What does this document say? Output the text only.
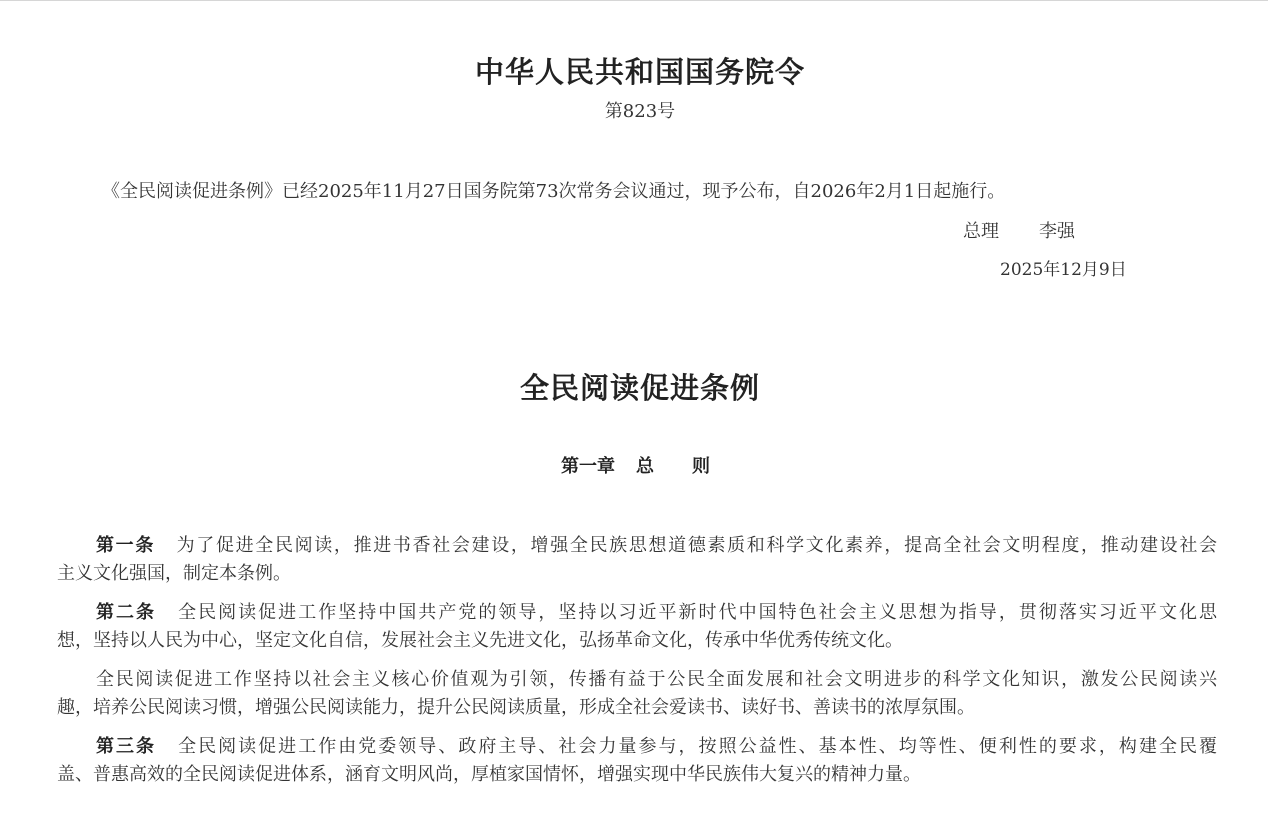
中华人民共和国国务院令
第823号
《全民阅读促进条例》已经2025年11月27日国务院第73次常务会议通过，现予公布，自2026年2月1日起施行。
总理 李强
2025年12月9日
全民阅读促进条例
第一章 总 则
第一条 为了促进全民阅读，推进书香社会建设，增强全民族思想道德素质和科学文化素养，提高全社会文明程度，推动建设社会
主义文化强国，制定本条例。
第二条 全民阅读促进工作坚持中国共产党的领导，坚持以习近平新时代中国特色社会主义思想为指导，贯彻落实习近平文化思
想，坚持以人民为中心，坚定文化自信，发展社会主义先进文化，弘扬革命文化，传承中华优秀传统文化。
全民阅读促进工作坚持以社会主义核心价值观为引领，传播有益于公民全面发展和社会文明进步的科学文化知识，激发公民阅读兴
趣，培养公民阅读习惯，增强公民阅读能力，提升公民阅读质量，形成全社会爱读书、读好书、善读书的浓厚氛围。
第三条 全民阅读促进工作由党委领导、政府主导、社会力量参与，按照公益性、基本性、均等性、便利性的要求，构建全民覆
盖、普惠高效的全民阅读促进体系，涵育文明风尚，厚植家国情怀，增强实现中华民族伟大复兴的精神力量。
